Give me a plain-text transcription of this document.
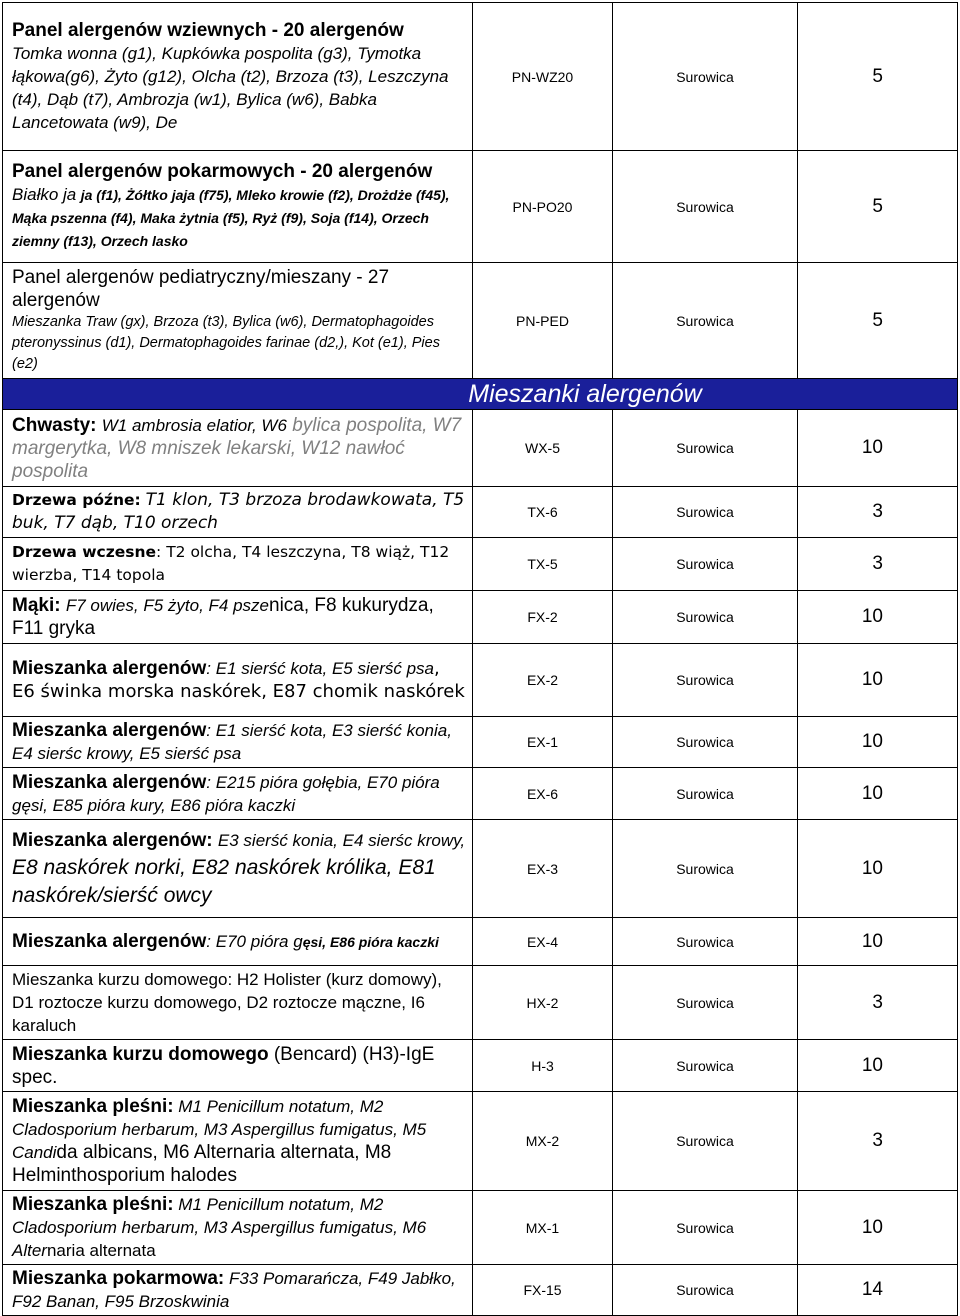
Panel alergenów wziewnych - 20 alergenów

Tomka wonna (g1), Kupkówka pospolita (g3), Tymotka łąkowa(g6), Żyto (g12), Olcha (t2), Brzoza (t3), Leszczyna (t4), Dąb (t7), Ambrozja (w1), Bylica (w6), Babka Lancetowata (w9), De	PN-WZ20	Surowica	5

Panel alergenów pokarmowych - 20 alergenów

Białko ja ja (f1), Żółtko jaja (f75), Mleko krowie (f2), Drożdże (f45), Mąka pszenna (f4), Maka żytnia (f5), Ryż (f9), Soja (f14), Orzech ziemny (f13), Orzech lasko	PN-PO20	Surowica	5

Panel alergenów pediatryczny/mieszany - 27 alergenów

Mieszanka Traw (gx), Brzoza (t3), Bylica (w6), Dermatophagoides pteronyssinus (d1), Dermatophagoides farinae (d2,), Kot (e1), Pies (e2)	PN-PED	Surowica	5
Mieszanki alergenów			
Chwasty: W1 ambrosia elatior, W6 bylica pospolita, W7 margerytka, W8 mniszek lekarski, W12 nawłoć pospolita	WX-5	Surowica	10
Drzewa późne: T1 klon, T3 brzoza brodawkowata, T5 buk, T7 dąb, T10 orzech	TX-6	Surowica	3
Drzewa wczesne: T2 olcha, T4 leszczyna, T8 wiąż, T12 wierzba, T14 topola	TX-5	Surowica	3
Mąki: F7 owies, F5 żyto, F4 pszenica, F8 kukurydza, F11 gryka	FX-2	Surowica	10
Mieszanka alergenów: E1 sierść kota, E5 sierść psa, E6 świnka morska naskórek, E87 chomik naskórek	EX-2	Surowica	10
Mieszanka alergenów: E1 sierść kota, E3 sierść konia, E4 sierśc krowy, E5 sierść psa	EX-1	Surowica	10
Mieszanka alergenów: E215 pióra gołębia, E70 pióra gęsi, E85 pióra kury, E86 pióra kaczki	EX-6	Surowica	10
Mieszanka alergenów: E3 sierść konia, E4 sierśc krowy, E8 naskórek norki, E82 naskórek królika, E81 naskórek/sierść owcy	EX-3	Surowica	10
Mieszanka alergenów: E70 pióra gęsi, E86 pióra kaczki	EX-4	Surowica	10
Mieszanka kurzu domowego: H2 Holister (kurz domowy), D1 roztocze kurzu domowego, D2 roztocze mączne, I6 karaluch	HX-2	Surowica	3
Mieszanka kurzu domowego (Bencard) (H3)-IgE spec.	H-3	Surowica	10
Mieszanka pleśni: M1 Penicillum notatum, M2 Cladosporium herbarum, M3 Aspergillus fumigatus, M5 Candida albicans, M6 Alternaria alternata, M8 Helminthosporium halodes	MX-2	Surowica	3
Mieszanka pleśni: M1 Penicillum notatum, M2 Cladosporium herbarum, M3 Aspergillus fumigatus, M6 Alternaria alternata	MX-1	Surowica	10
Mieszanka pokarmowa: F33 Pomarańcza, F49 Jabłko, F92 Banan, F95 Brzoskwinia	FX-15	Surowica	14
